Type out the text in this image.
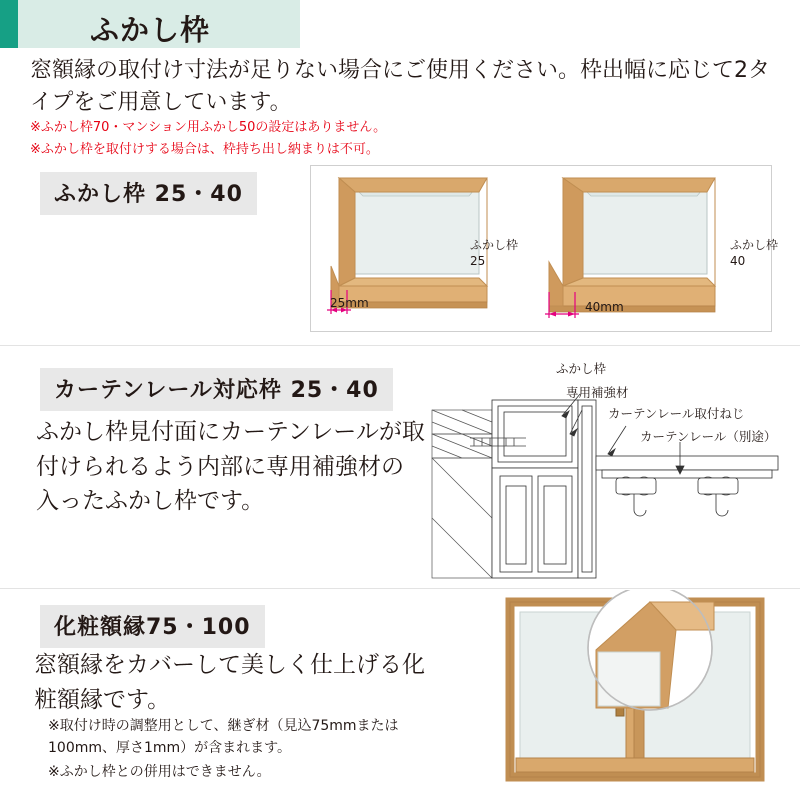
ふかし枠
窓額縁の取付け寸法が足りない場合にご使用ください。枠出幅に応じて2タイプをご用意しています。
※ふかし枠70・マンション用ふかし50の設定はありません。
※ふかし枠を取付けする場合は、枠持ち出し納まりは不可。
ふかし枠 25・40
ふかし枠
25
25mm
ふかし枠
40
40mm
カーテンレール対応枠 25・40
ふかし枠見付面にカーテンレールが取付けられるよう内部に専用補強材の入ったふかし枠です。
ふかし枠
専用補強材
カーテンレール取付ねじ
カーテンレール（別途）
化粧額縁75・100
窓額縁をカバーして美しく仕上げる化粧額縁です。
※取付け時の調整用として、継ぎ材（見込75mmまたは100mm、厚さ1mm）が含まれます。
※ふかし枠との併用はできません。
